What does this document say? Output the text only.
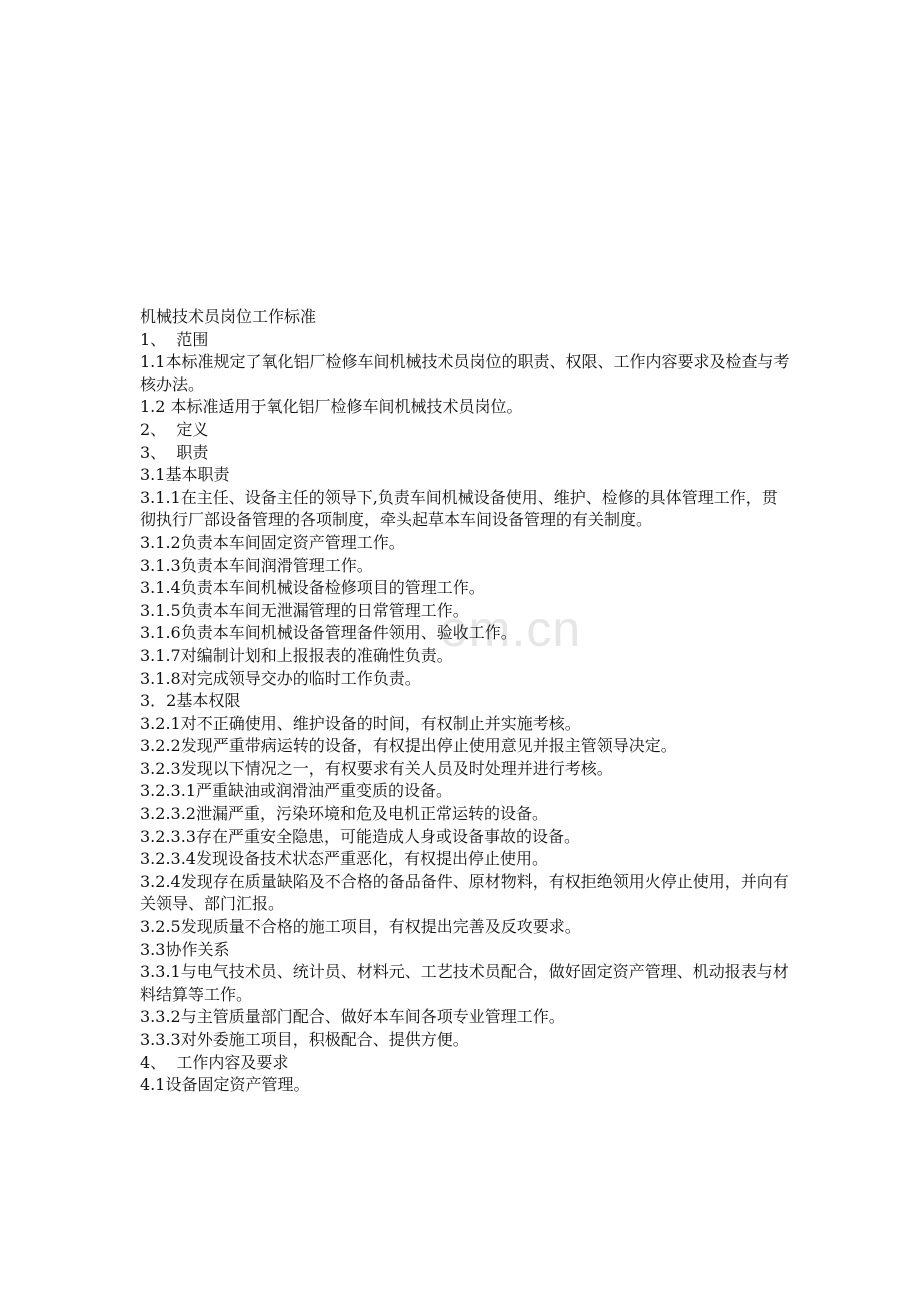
om.cn
机械技术员岗位工作标准
1、  范围
1.1本标准规定了氧化铝厂检修车间机械技术员岗位的职责、权限、工作内容要求及检查与考核办法。
1.2 本标准适用于氧化铝厂检修车间机械技术员岗位。
2、  定义
3、  职责
3.1基本职责
3.1.1在主任、设备主任的领导下,负责车间机械设备使用、维护、检修的具体管理工作，贯彻执行厂部设备管理的各项制度，牵头起草本车间设备管理的有关制度。
3.1.2负责本车间固定资产管理工作。
3.1.3负责本车间润滑管理工作。
3.1.4负责本车间机械设备检修项目的管理工作。
3.1.5负责本车间无泄漏管理的日常管理工作。
3.1.6负责本车间机械设备管理备件领用、验收工作。
3.1.7对编制计划和上报报表的准确性负责。
3.1.8对完成领导交办的临时工作负责。
3．2基本权限
3.2.1对不正确使用、维护设备的时间，有权制止并实施考核。
3.2.2发现严重带病运转的设备，有权提出停止使用意见并报主管领导决定。
3.2.3发现以下情况之一，有权要求有关人员及时处理并进行考核。
3.2.3.1严重缺油或润滑油严重变质的设备。
3.2.3.2泄漏严重，污染环境和危及电机正常运转的设备。
3.2.3.3存在严重安全隐患，可能造成人身或设备事故的设备。
3.2.3.4发现设备技术状态严重恶化，有权提出停止使用。
3.2.4发现存在质量缺陷及不合格的备品备件、原材物料，有权拒绝领用火停止使用，并向有关领导、部门汇报。
3.2.5发现质量不合格的施工项目，有权提出完善及反攻要求。
3.3协作关系
3.3.1与电气技术员、统计员、材料元、工艺技术员配合，做好固定资产管理、机动报表与材料结算等工作。
3.3.2与主管质量部门配合、做好本车间各项专业管理工作。
3.3.3对外委施工项目，积极配合、提供方便。
4、  工作内容及要求
4.1设备固定资产管理。
